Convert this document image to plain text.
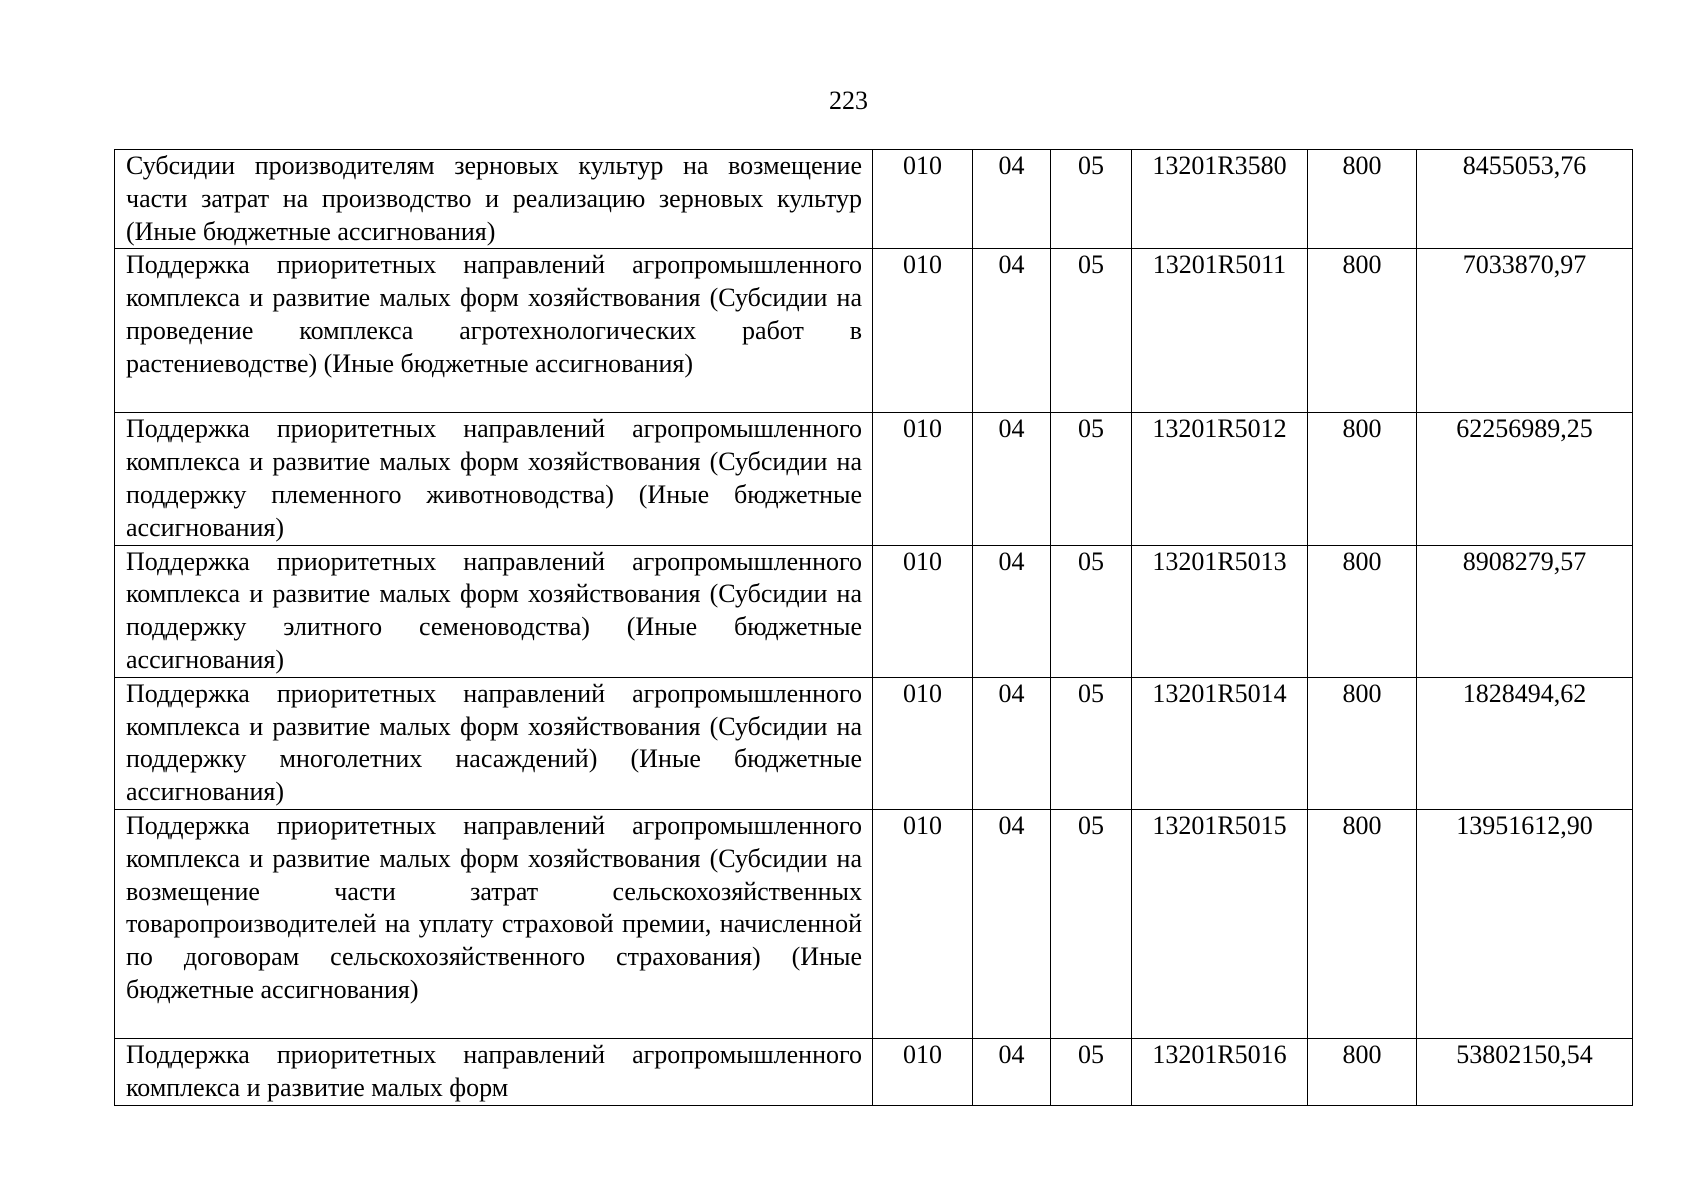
223
Субсидии производителям зерновых культур на возмещение части затрат на производство и реализацию зерновых культур (Иные бюджетные ассигнования)	010	04	05	13201R3580	800	8455053,76
Поддержка приоритетных направлений агропромышленного комплекса и развитие малых форм хозяйствования (Субсидии на проведение комплекса агротехнологических работ в растениеводстве) (Иные бюджетные ассигнования)	010	04	05	13201R5011	800	7033870,97
Поддержка приоритетных направлений агропромышленного комплекса и развитие малых форм хозяйствования (Субсидии на поддержку племенного животноводства) (Иные бюджетные ассигнования)	010	04	05	13201R5012	800	62256989,25
Поддержка приоритетных направлений агропромышленного комплекса и развитие малых форм хозяйствования (Субсидии на поддержку элитного семеноводства) (Иные бюджетные ассигнования)	010	04	05	13201R5013	800	8908279,57
Поддержка приоритетных направлений агропромышленного комплекса и развитие малых форм хозяйствования (Субсидии на поддержку многолетних насаждений) (Иные бюджетные ассигнования)	010	04	05	13201R5014	800	1828494,62
Поддержка приоритетных направлений агропромышленного комплекса и развитие малых форм хозяйствования (Субсидии на возмещение части затрат сельскохозяйственных товаропроизводителей на уплату страховой премии, начисленной по договорам сельскохозяйственного страхования) (Иные бюджетные ассигнования)	010	04	05	13201R5015	800	13951612,90
Поддержка приоритетных направлений агропромышленного комплекса и развитие малых форм	010	04	05	13201R5016	800	53802150,54
